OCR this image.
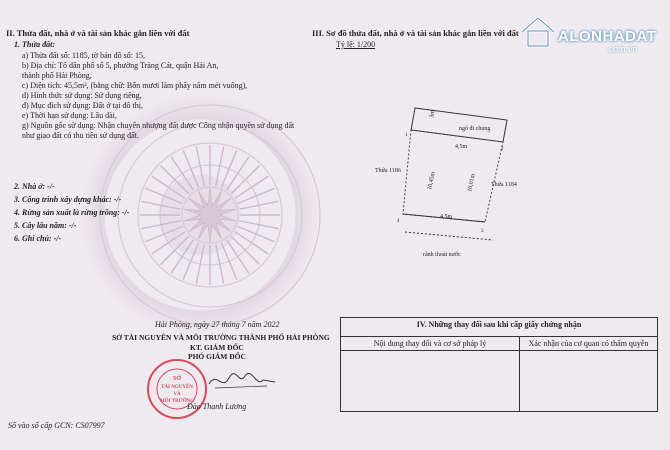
II. Thửa đất, nhà ở và tài sản khác gắn liền với đất
1. Thửa đất:
a) Thửa đất số: 1185, tờ bản đồ số: 15,
b) Địa chỉ: Tổ dân phố số 5, phường Tràng Cát, quận Hải An,
thành phố Hải Phòng,
c) Diện tích: 45,5m², (bằng chữ: Bốn mươi lăm phẩy năm mét vuông),
d) Hình thức sử dụng: Sử dụng riêng,
đ) Mục đích sử dụng: Đất ở tại đô thị,
e) Thời hạn sử dụng: Lâu dài,
g) Nguồn gốc sử dụng: Nhận chuyển nhượng đất được Công nhận quyền sử dụng đất
như giao đất có thu tiền sử dụng đất.
2. Nhà ở: -/-
3. Công trình xây dựng khác: -/-
4. Rừng sản xuất là rừng trồng: -/-
5. Cây lâu năm: -/-
6. Ghi chú: -/-
Hải Phòng, ngày 27 tháng 7 năm 2022
SỞ TÀI NGUYÊN VÀ MÔI TRƯỜNG THÀNH PHỐ HẢI PHÒNG
KT. GIÁM ĐỐC
PHÓ GIÁM ĐỐC
SỞ
TÀI NGUYÊN
VÀ
MÔI TRƯỜNG
Đào Thanh Lương
Số vào sổ cấp GCN: CS07997
III. Sơ đồ thửa đất, nhà ở và tài sản khác gắn liền với đất
Tỷ lệ: 1/200
ngõ đi chung
3m
4,5m
4,5m
10,45m	10,01m
Thửa 1186
Thửa 1184
rãnh thoát nước
1
2
3
4
IV. Những thay đổi sau khi cấp giấy chứng nhận	
Nội dung thay đổi và cơ sở pháp lý	Xác nhận của cơ quan có thẩm quyền

ALONHADAT
.com.vn
